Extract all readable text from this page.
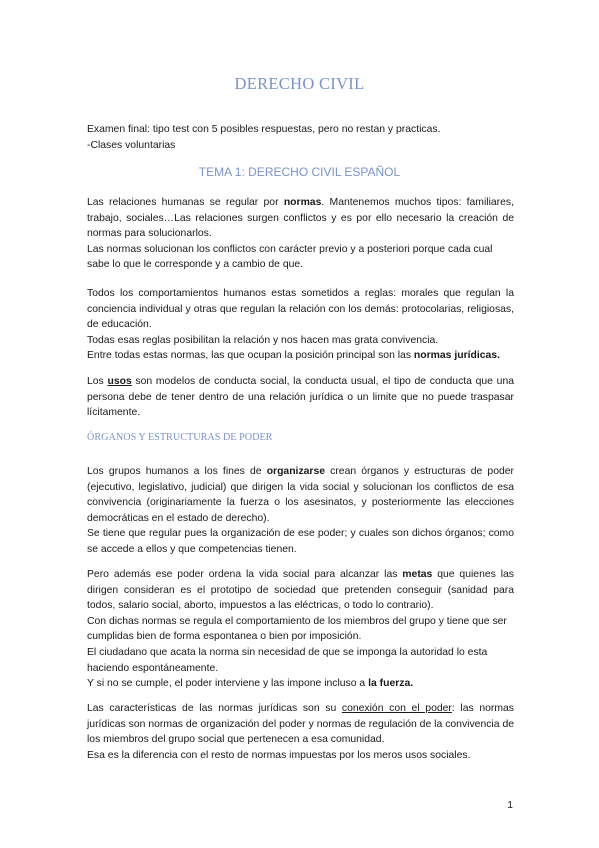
DERECHO CIVIL
Examen final: tipo test con 5 posibles respuestas, pero no restan y practicas.
-Clases voluntarias
TEMA 1: DERECHO CIVIL ESPAÑOL

Las relaciones humanas se regular por normas. Mantenemos muchos tipos: familiares, trabajo, sociales…Las relaciones surgen conflictos y es por ello necesario la creación de normas para solucionarlos.

Las normas solucionan los conflictos con carácter previo y a posteriori porque cada cual sabe lo que le corresponde y a cambio de que.

Todos los comportamientos humanos estas sometidos a reglas: morales que regulan la conciencia individual y otras que regulan la relación con los demás: protocolarias, religiosas, de educación.

Todas esas reglas posibilitan la relación y nos hacen mas grata convivencia.

Entre todas estas normas, las que ocupan la posición principal son las normas jurídicas.

Los usos son modelos de conducta social, la conducta usual, el tipo de conducta que una persona debe de tener dentro de una relación jurídica o un limite que no puede traspasar lícitamente.

ÓRGANOS Y ESTRUCTURAS DE PODER

Los grupos humanos a los fines de organizarse crean órganos y estructuras de poder (ejecutivo, legislativo, judicial) que dirigen la vida social y solucionan los conflictos de esa convivencia (originariamente la fuerza o los asesinatos, y posteriormente las elecciones democráticas en el estado de derecho).

Se tiene que regular pues la organización de ese poder; y cuales son dichos órganos; como se accede a ellos y que competencias tienen.

Pero además ese poder ordena la vida social para alcanzar las metas que quienes las dirigen consideran es el prototipo de sociedad que pretenden conseguir (sanidad para todos, salario social, aborto, impuestos a las eléctricas, o todo lo contrario).

Con dichas normas se regula el comportamiento de los miembros del grupo y tiene que ser cumplidas bien de forma espontanea o bien por imposición.

El ciudadano que acata la norma sin necesidad de que se imponga la autoridad lo esta haciendo espontáneamente.

Y si no se cumple, el poder interviene y las impone incluso a la fuerza.

Las características de las normas jurídicas son su conexión con el poder: las normas jurídicas son normas de organización del poder y normas de regulación de la convivencia de los miembros del grupo social que pertenecen a esa comunidad.

Esa es la diferencia con el resto de normas impuestas por los meros usos sociales.

1
